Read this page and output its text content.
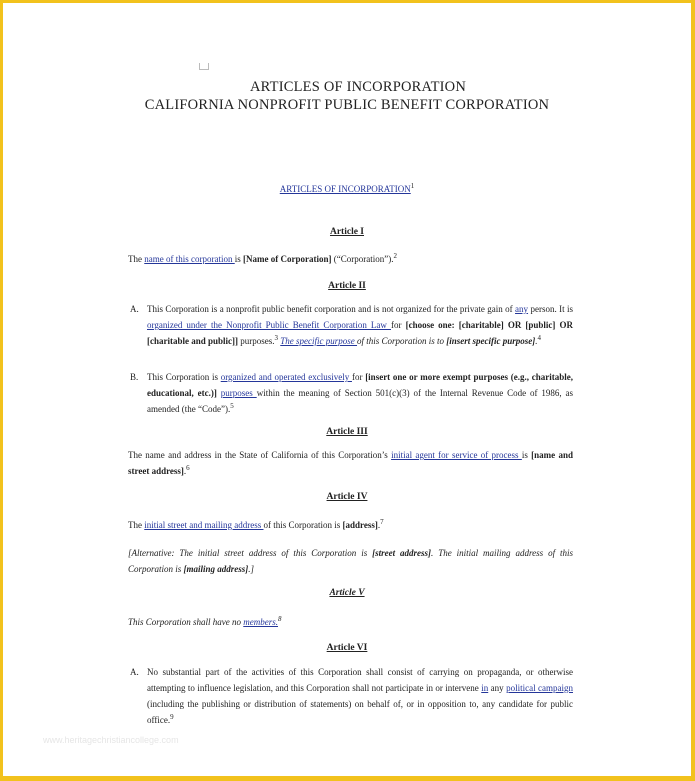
ARTICLES OF INCORPORATION
CALIFORNIA NONPROFIT PUBLIC BENEFIT CORPORATION
ARTICLES OF INCORPORATION$^1$
Article I
The name of this corporation is [Name of Corporation] (“Corporation”).$^2$
Article II
A. This Corporation is a nonprofit public benefit corporation and is not organized for the private gain of any person. It is organized under the Nonprofit Public Benefit Corporation Law for [choose one: [charitable] OR [public] OR [charitable and public]] purposes.$^3$ The specific purpose of this Corporation is to [insert specific purpose].$^4$
B. This Corporation is organized and operated exclusively for [insert one or more exempt purposes (e.g., charitable, educational, etc.)] purposes within the meaning of Section 501(c)(3) of the Internal Revenue Code of 1986, as amended (the “Code”).$^5$
Article III
The name and address in the State of California of this Corporation’s initial agent for service of process is [name and street address].$^6$
Article IV
The initial street and mailing address of this Corporation is [address].$^7$
[Alternative: The initial street address of this Corporation is [street address]. The initial mailing address of this Corporation is [mailing address].]
Article V
This Corporation shall have no members.$^8$
Article VI
A. No substantial part of the activities of this Corporation shall consist of carrying on propaganda, or otherwise attempting to influence legislation, and this Corporation shall not participate in or intervene in any political campaign (including the publishing or distribution of statements) on behalf of, or in opposition to, any candidate for public office.$^9$
www.heritagechristiancollege.com
